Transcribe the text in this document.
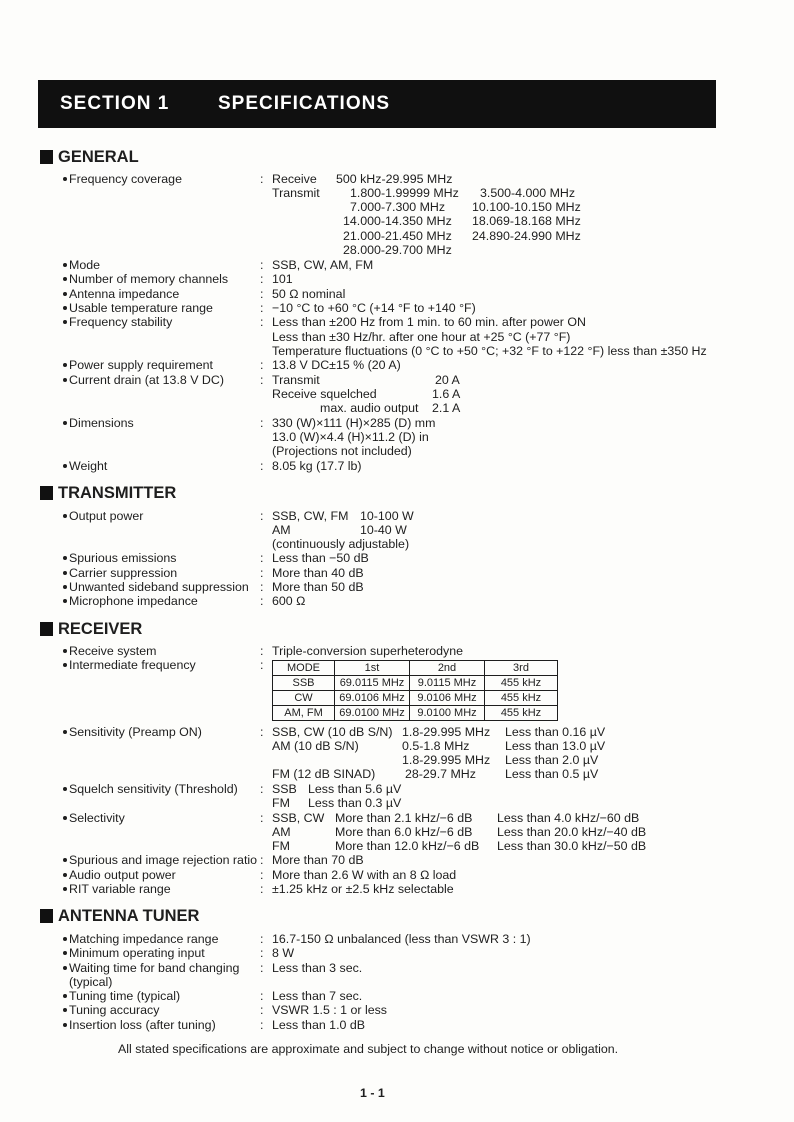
SECTION 1	SPECIFICATIONS
GENERAL
Frequency coverage	: Receive 500 kHz-29.995 MHz
Transmit 1.800-1.99999 MHz 3.500-4.000 MHz
7.000-7.300 MHz 10.100-10.150 MHz
14.000-14.350 MHz 18.069-18.168 MHz
21.000-21.450 MHz 24.890-24.990 MHz
28.000-29.700 MHz
Mode	: SSB, CW, AM, FM
Number of memory channels	: 101
Antenna impedance	: 50 Ω nominal
Usable temperature range	: −10 °C to +60 °C (+14 °F to +140 °F)
Frequency stability	: Less than ±200 Hz from 1 min. to 60 min. after power ON
Less than ±30 Hz/hr. after one hour at +25 °C (+77 °F)
Temperature fluctuations (0 °C to +50 °C; +32 °F to +122 °F) less than ±350 Hz
Power supply requirement	: 13.8 V DC±15 % (20 A)
Current drain (at 13.8 V DC)	: Transmit	20 A
Receive squelched	1.6 A
max. audio output 2.1 A
Dimensions	: 330 (W)×111 (H)×285 (D) mm
13.0 (W)×4.4 (H)×11.2 (D) in
(Projections not included)
Weight	: 8.05 kg (17.7 lb)
TRANSMITTER
Output power	: SSB, CW, FM 10-100 W
AM	10-40 W
(continuously adjustable)
Spurious emissions	: Less than −50 dB
Carrier suppression	: More than 40 dB
Unwanted sideband suppression : More than 50 dB
Microphone impedance	: 600 Ω
RECEIVER
Receive system	: Triple-conversion superheterodyne
Intermediate frequency	: MODE	1st	2nd	3rd
SSB	69.0115 MHz	9.0115 MHz	455 kHz
CW	69.0106 MHz	9.0106 MHz	455 kHz
AM, FM	69.0100 MHz	9.0100 MHz	455 kHz
Sensitivity (Preamp ON)	: SSB, CW (10 dB S/N) 1.8-29.995 MHz Less than 0.16 µV
AM (10 dB S/N)	0.5-1.8 MHz	Less than 13.0 µV
1.8-29.995 MHz Less than 2.0 µV
FM (12 dB SINAD) 28-29.7 MHz Less than 0.5 µV
Squelch sensitivity (Threshold) : SSB Less than 5.6 µV
FM Less than 0.3 µV
Selectivity	: SSB, CW More than 2.1 kHz/−6 dB Less than 4.0 kHz/−60 dB
AM	More than 6.0 kHz/−6 dB Less than 20.0 kHz/−40 dB
FM	More than 12.0 kHz/−6 dB Less than 30.0 kHz/−50 dB
Spurious and image rejection ratio : More than 70 dB
Audio output power	: More than 2.6 W with an 8 Ω load
RIT variable range	: ±1.25 kHz or ±2.5 kHz selectable
ANTENNA TUNER
Matching impedance range	: 16.7-150 Ω unbalanced (less than VSWR 3 : 1)
Minimum operating input	: 8 W
Waiting time for band changing
(typical)
: Less than 3 sec.
Tuning time (typical)	: Less than 7 sec.
Tuning accuracy	: VSWR 1.5 : 1 or less
Insertion loss (after tuning)	: Less than 1.0 dB
All stated specifications are approximate and subject to change without notice or obligation.
1 - 1
